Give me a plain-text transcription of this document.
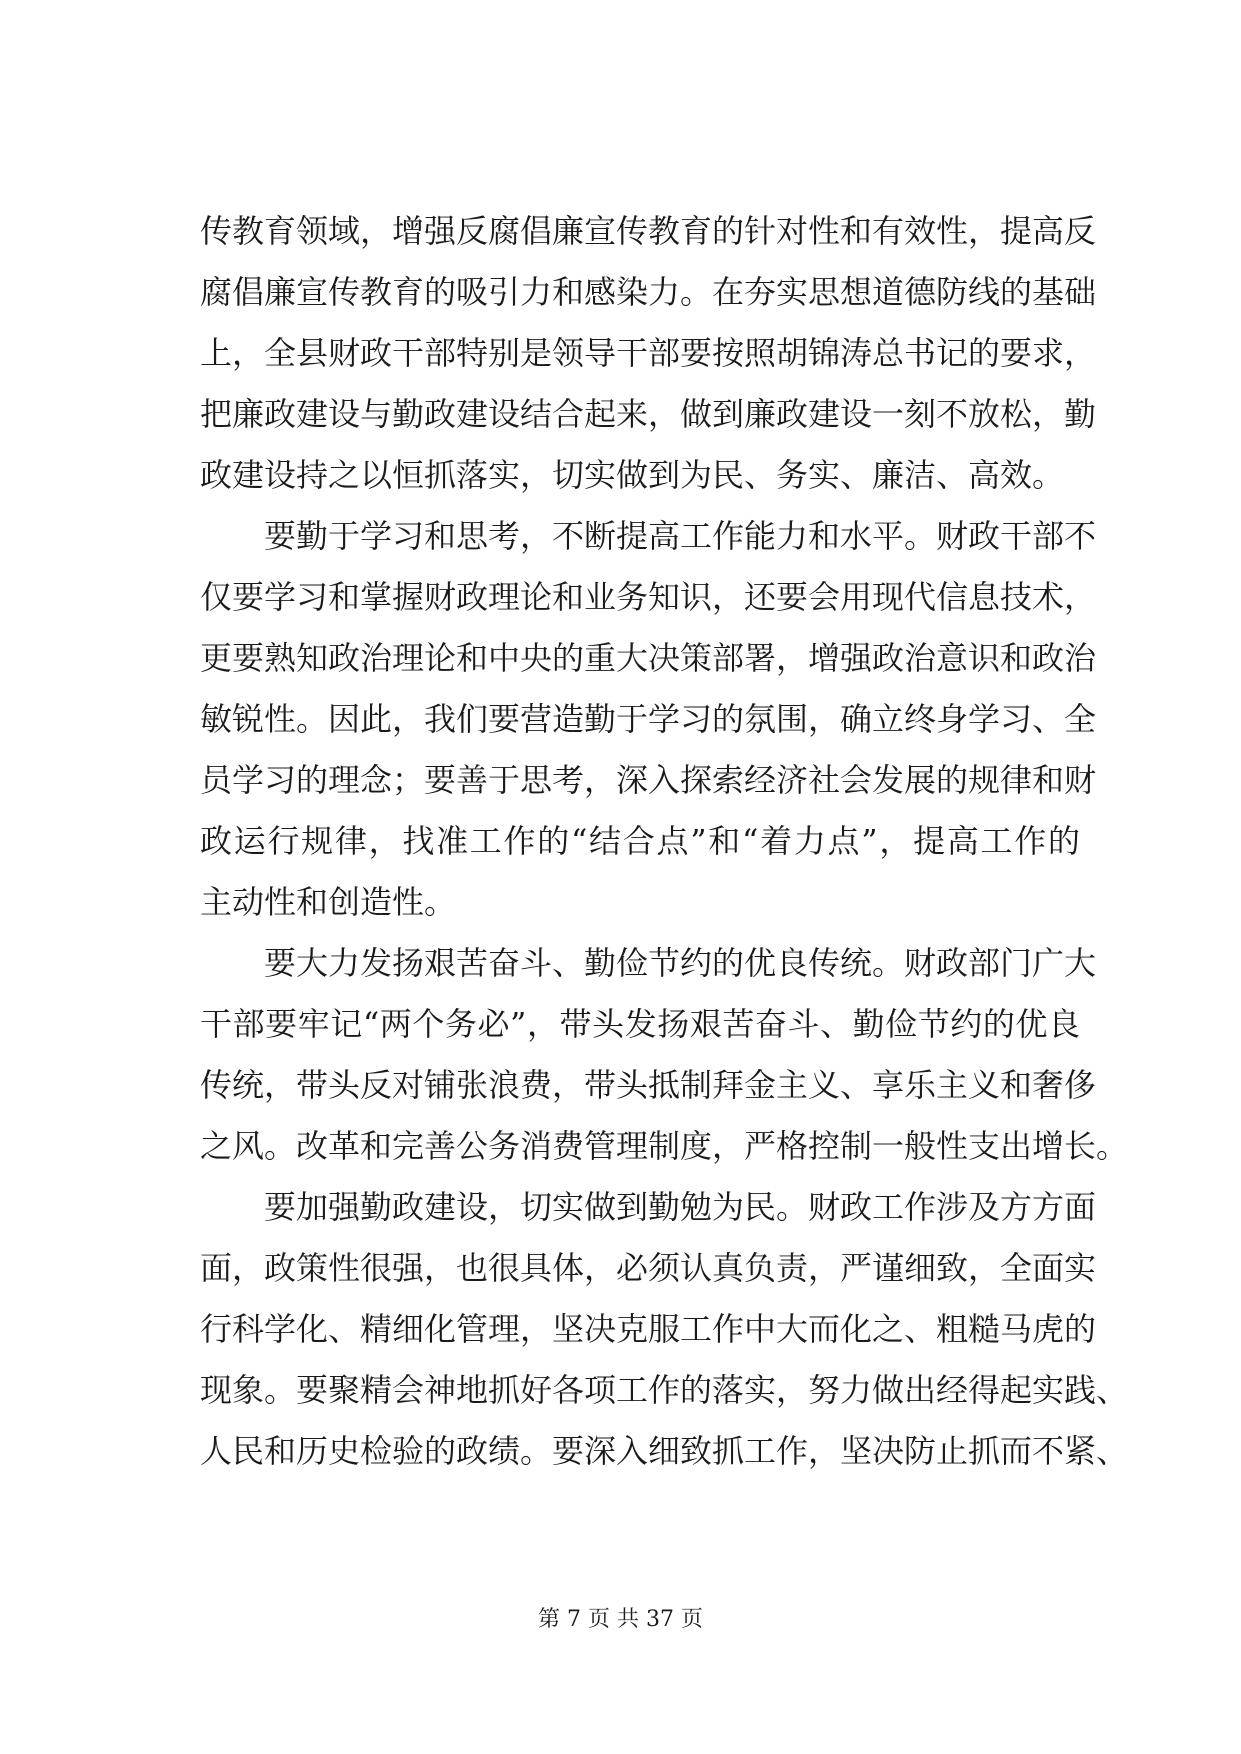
传教育领域，增强反腐倡廉宣传教育的针对性和有效性，提高反
腐倡廉宣传教育的吸引力和感染力。在夯实思想道德防线的基础
上，全县财政干部特别是领导干部要按照胡锦涛总书记的要求，
把廉政建设与勤政建设结合起来，做到廉政建设一刻不放松，勤
政建设持之以恒抓落实，切实做到为民、务实、廉洁、高效。
要勤于学习和思考，不断提高工作能力和水平。财政干部不
仅要学习和掌握财政理论和业务知识，还要会用现代信息技术，
更要熟知政治理论和中央的重大决策部署，增强政治意识和政治
敏锐性。因此，我们要营造勤于学习的氛围，确立终身学习、全
员学习的理念；要善于思考，深入探索经济社会发展的规律和财
政运行规律，找准工作的“结合点”和“着力点”，提高工作的
主动性和创造性。
要大力发扬艰苦奋斗、勤俭节约的优良传统。财政部门广大
干部要牢记“两个务必”，带头发扬艰苦奋斗、勤俭节约的优良
传统，带头反对铺张浪费，带头抵制拜金主义、享乐主义和奢侈
之风。改革和完善公务消费管理制度，严格控制一般性支出增长。
要加强勤政建设，切实做到勤勉为民。财政工作涉及方方面
面，政策性很强，也很具体，必须认真负责，严谨细致，全面实
行科学化、精细化管理，坚决克服工作中大而化之、粗糙马虎的
现象。要聚精会神地抓好各项工作的落实，努力做出经得起实践、
人民和历史检验的政绩。要深入细致抓工作，坚决防止抓而不紧、
第 7 页 共 37 页
